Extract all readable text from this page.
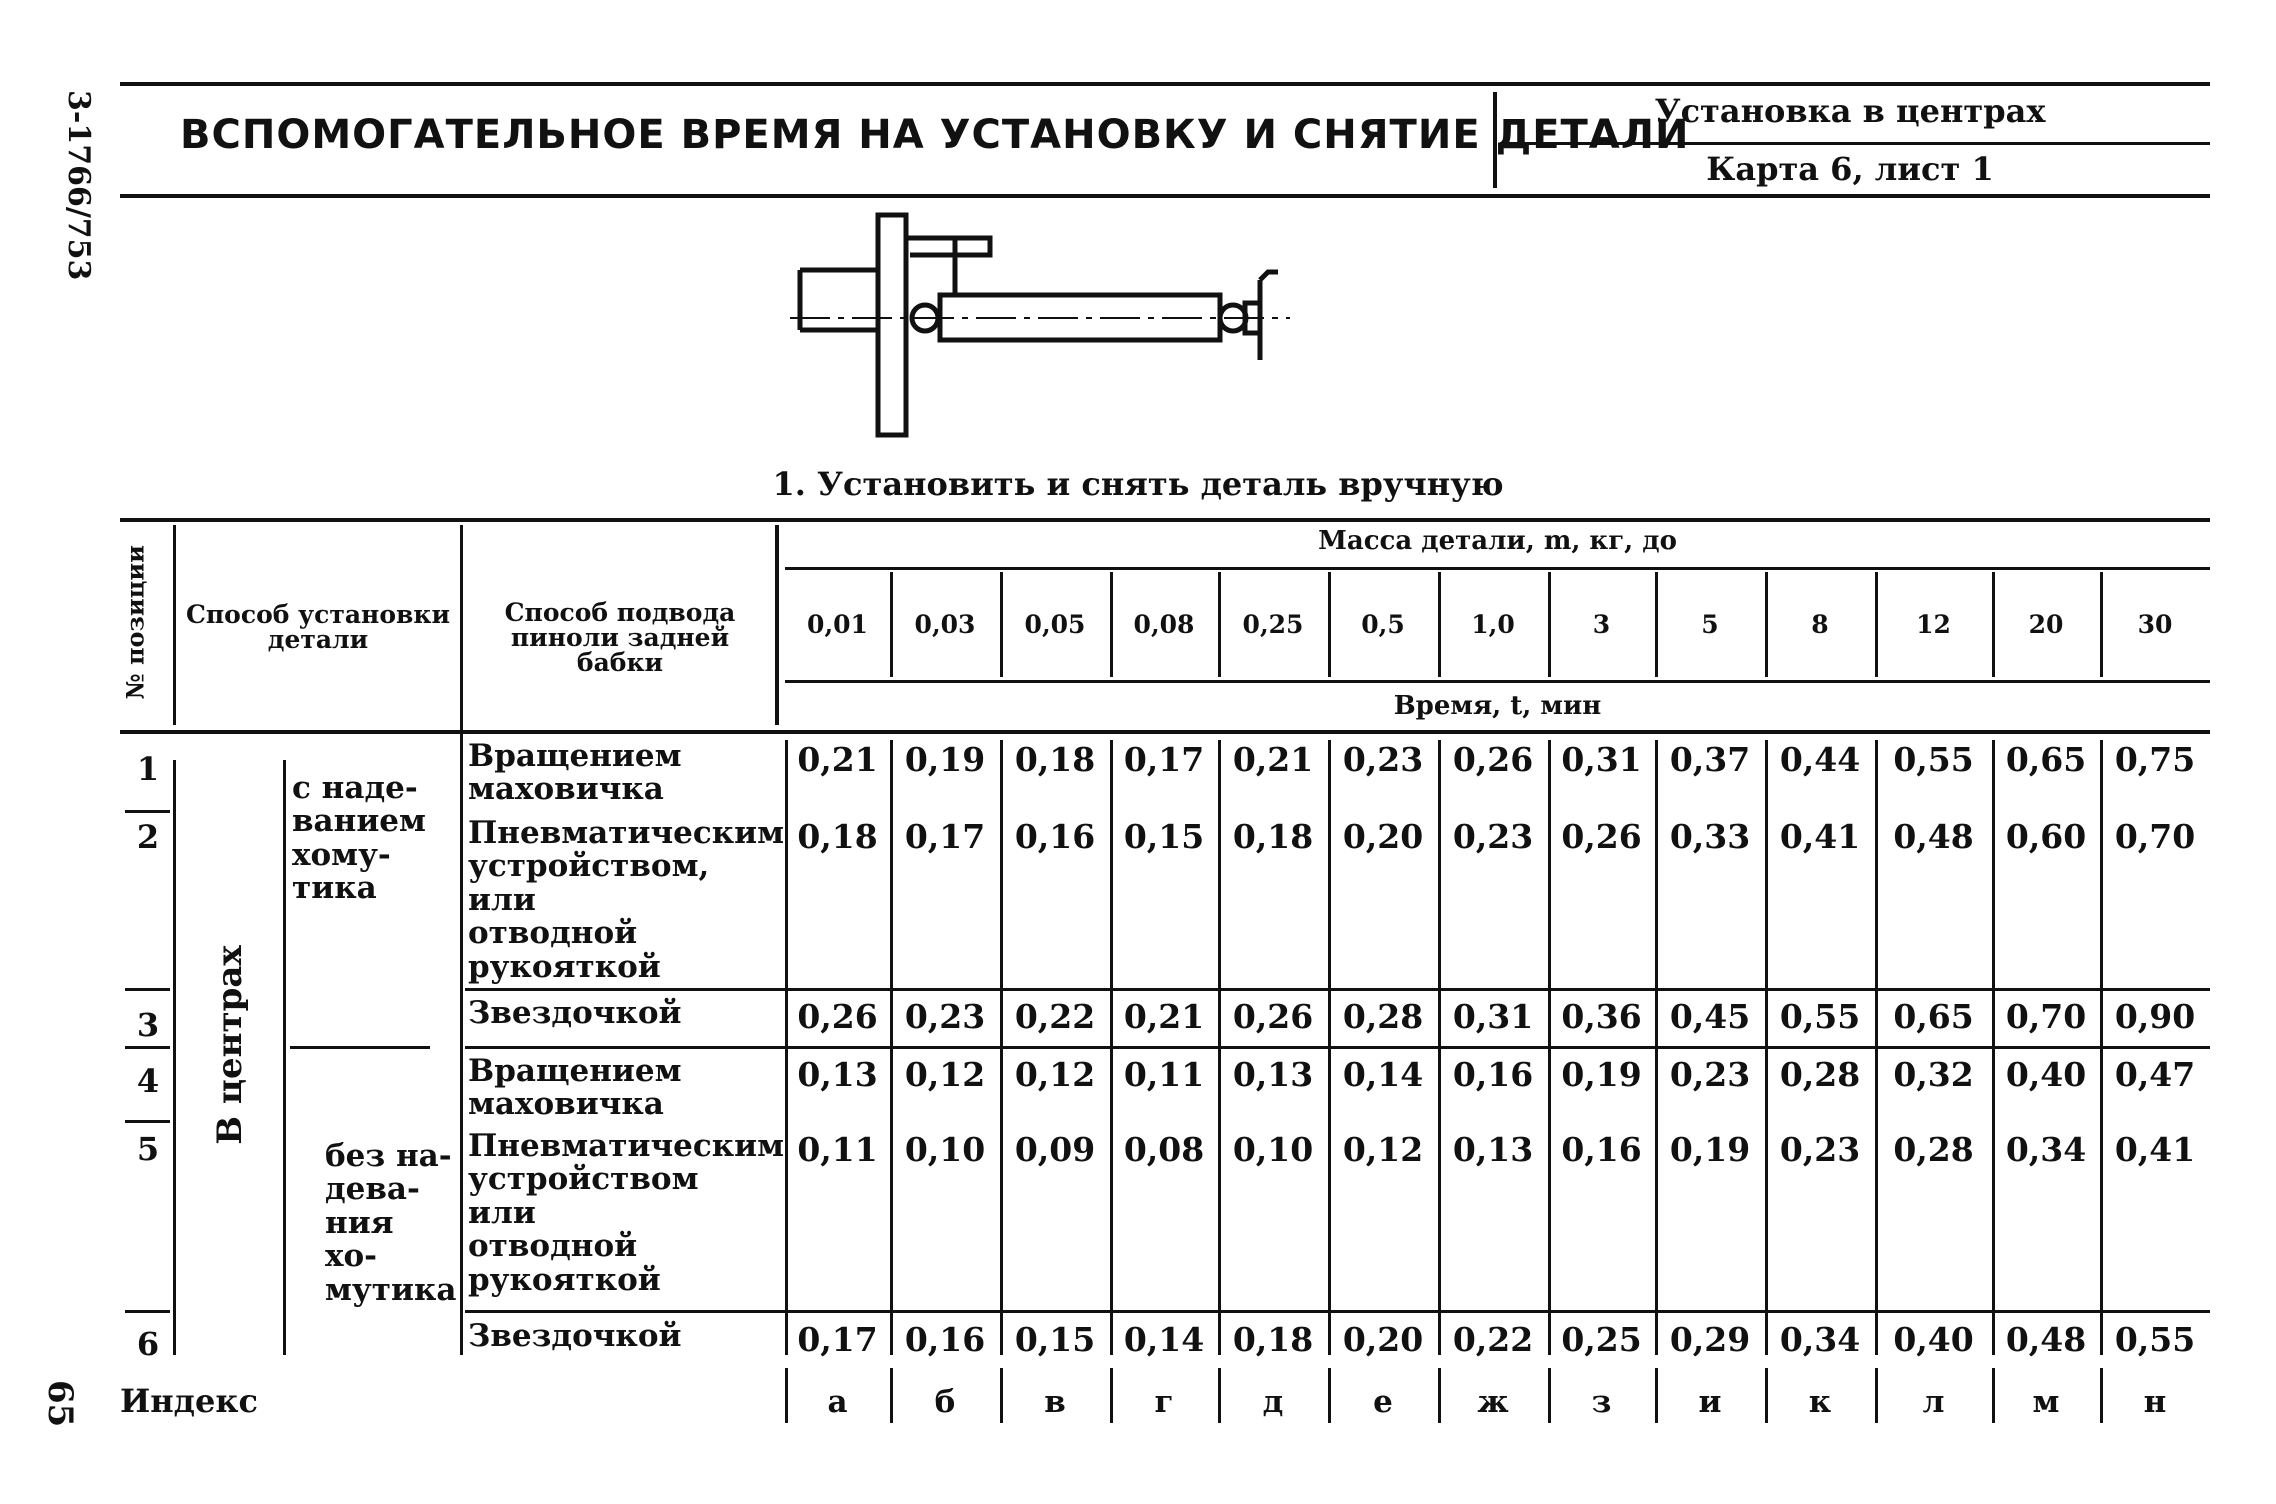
3-1766/753
65
ВСПОМОГАТЕЛЬНОЕ ВРЕМЯ НА УСТАНОВКУ И СНЯТИЕ ДЕТАЛИ
Установка в центрах
Карта 6, лист 1
1. Установить и снять деталь вручную
№ позиции	Способ установки детали
Способ подвода пиноли задней бабки
Масса детали, m, кг, до
Время, t, мин
В центрах
с наде-ванием хому-тика
без на-дева-ния хо-мутика
Индекс
0,01	0,03	0,05	0,08	0,25	0,5	1,0	3	5	8	12	20	30
1	Вращением маховичка
0,21 0,19 0,18 0,17 0,21 0,23 0,26 0,31 0,37 0,44	0,55 0,65 0,75
2	Пневматическим устройством, или отводной рукояткой
0,18 0,17 0,16 0,15 0,18 0,20 0,23 0,26 0,33 0,41	0,48 0,60 0,70
3	Звездочкой	0,26 0,23 0,22 0,21 0,26 0,28 0,31 0,36 0,45 0,55	0,65 0,70 0,90
4	Вращением маховичка
0,13 0,12 0,12 0,11 0,13 0,14 0,16 0,19 0,23 0,28	0,32 0,40 0,47
5	Пневматическим устройством или отводной рукояткой
0,11 0,10 0,09 0,08 0,10 0,12 0,13 0,16 0,19 0,23	0,28 0,34 0,41
6	Звездочкой	0,17 0,16 0,15 0,14 0,18 0,20 0,22 0,25 0,29 0,34	0,40 0,48 0,55
а	б	в	г	д	е	ж	з	и	к	л	м	н
